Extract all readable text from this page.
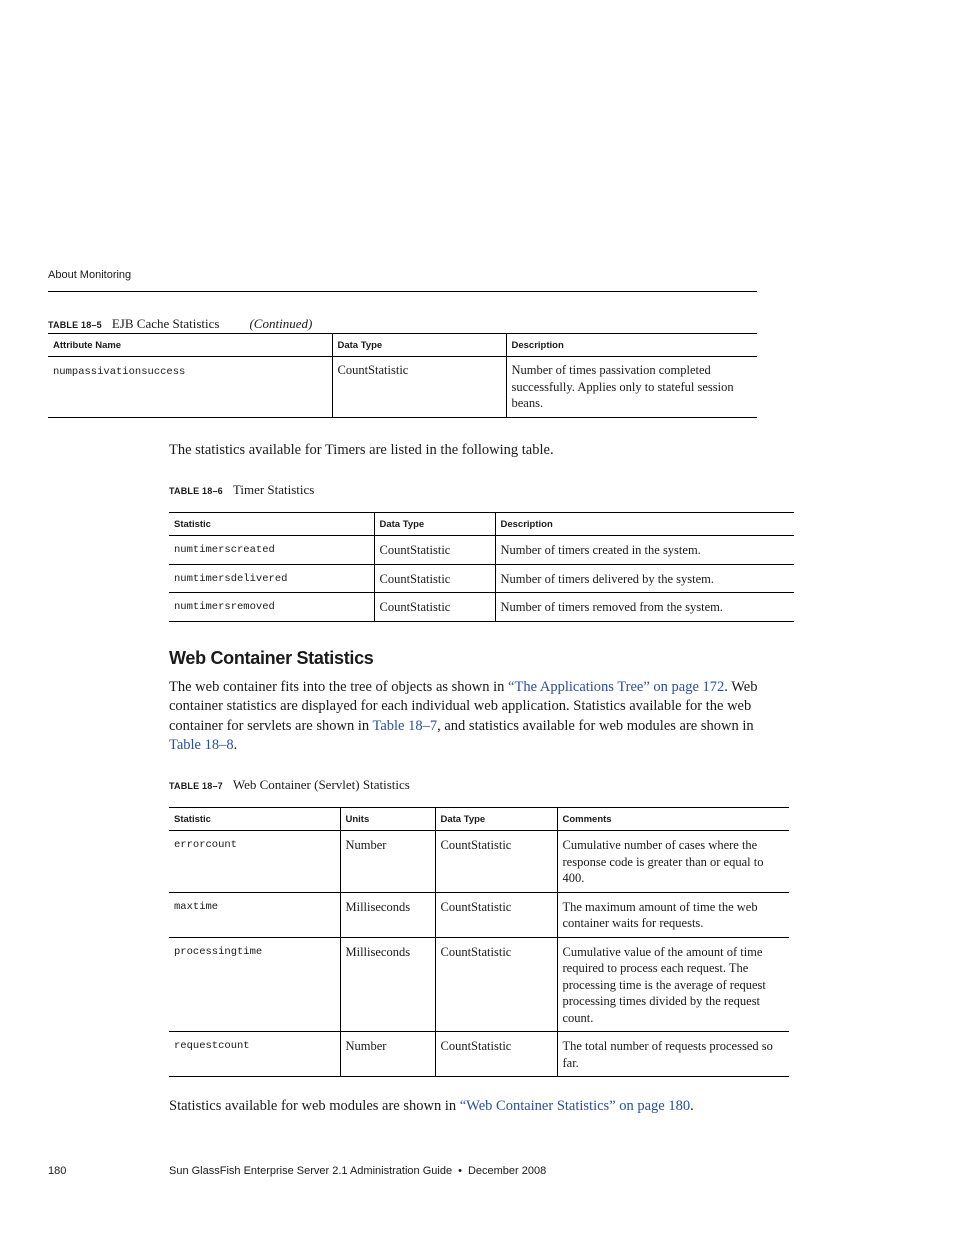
About Monitoring
TABLE 18–5 EJB Cache Statistics (Continued)
Attribute Name	Data Type	Description
numpassivationsuccess	CountStatistic	Number of times passivation completed successfully. Applies only to stateful session beans.
The statistics available for Timers are listed in the following table.
TABLE 18–6 Timer Statistics
Statistic	Data Type	Description
numtimerscreated	CountStatistic	Number of timers created in the system.
numtimersdelivered	CountStatistic	Number of timers delivered by the system.
numtimersremoved	CountStatistic	Number of timers removed from the system.
Web Container Statistics
The web container fits into the tree of objects as shown in “The Applications Tree” on page 172. Web container statistics are displayed for each individual web application. Statistics available for the web container for servlets are shown in Table 18–7, and statistics available for web modules are shown in Table 18–8.
TABLE 18–7 Web Container (Servlet) Statistics
Statistic	Units	Data Type	Comments
errorcount	Number	CountStatistic	Cumulative number of cases where the response code is greater than or equal to 400.
maxtime	Milliseconds	CountStatistic	The maximum amount of time the web container waits for requests.
processingtime	Milliseconds	CountStatistic	Cumulative value of the amount of time required to process each request. The processing time is the average of request processing times divided by the request count.
requestcount	Number	CountStatistic	The total number of requests processed so far.
Statistics available for web modules are shown in “Web Container Statistics” on page 180.
180	Sun GlassFish Enterprise Server 2.1 Administration Guide • December 2008
